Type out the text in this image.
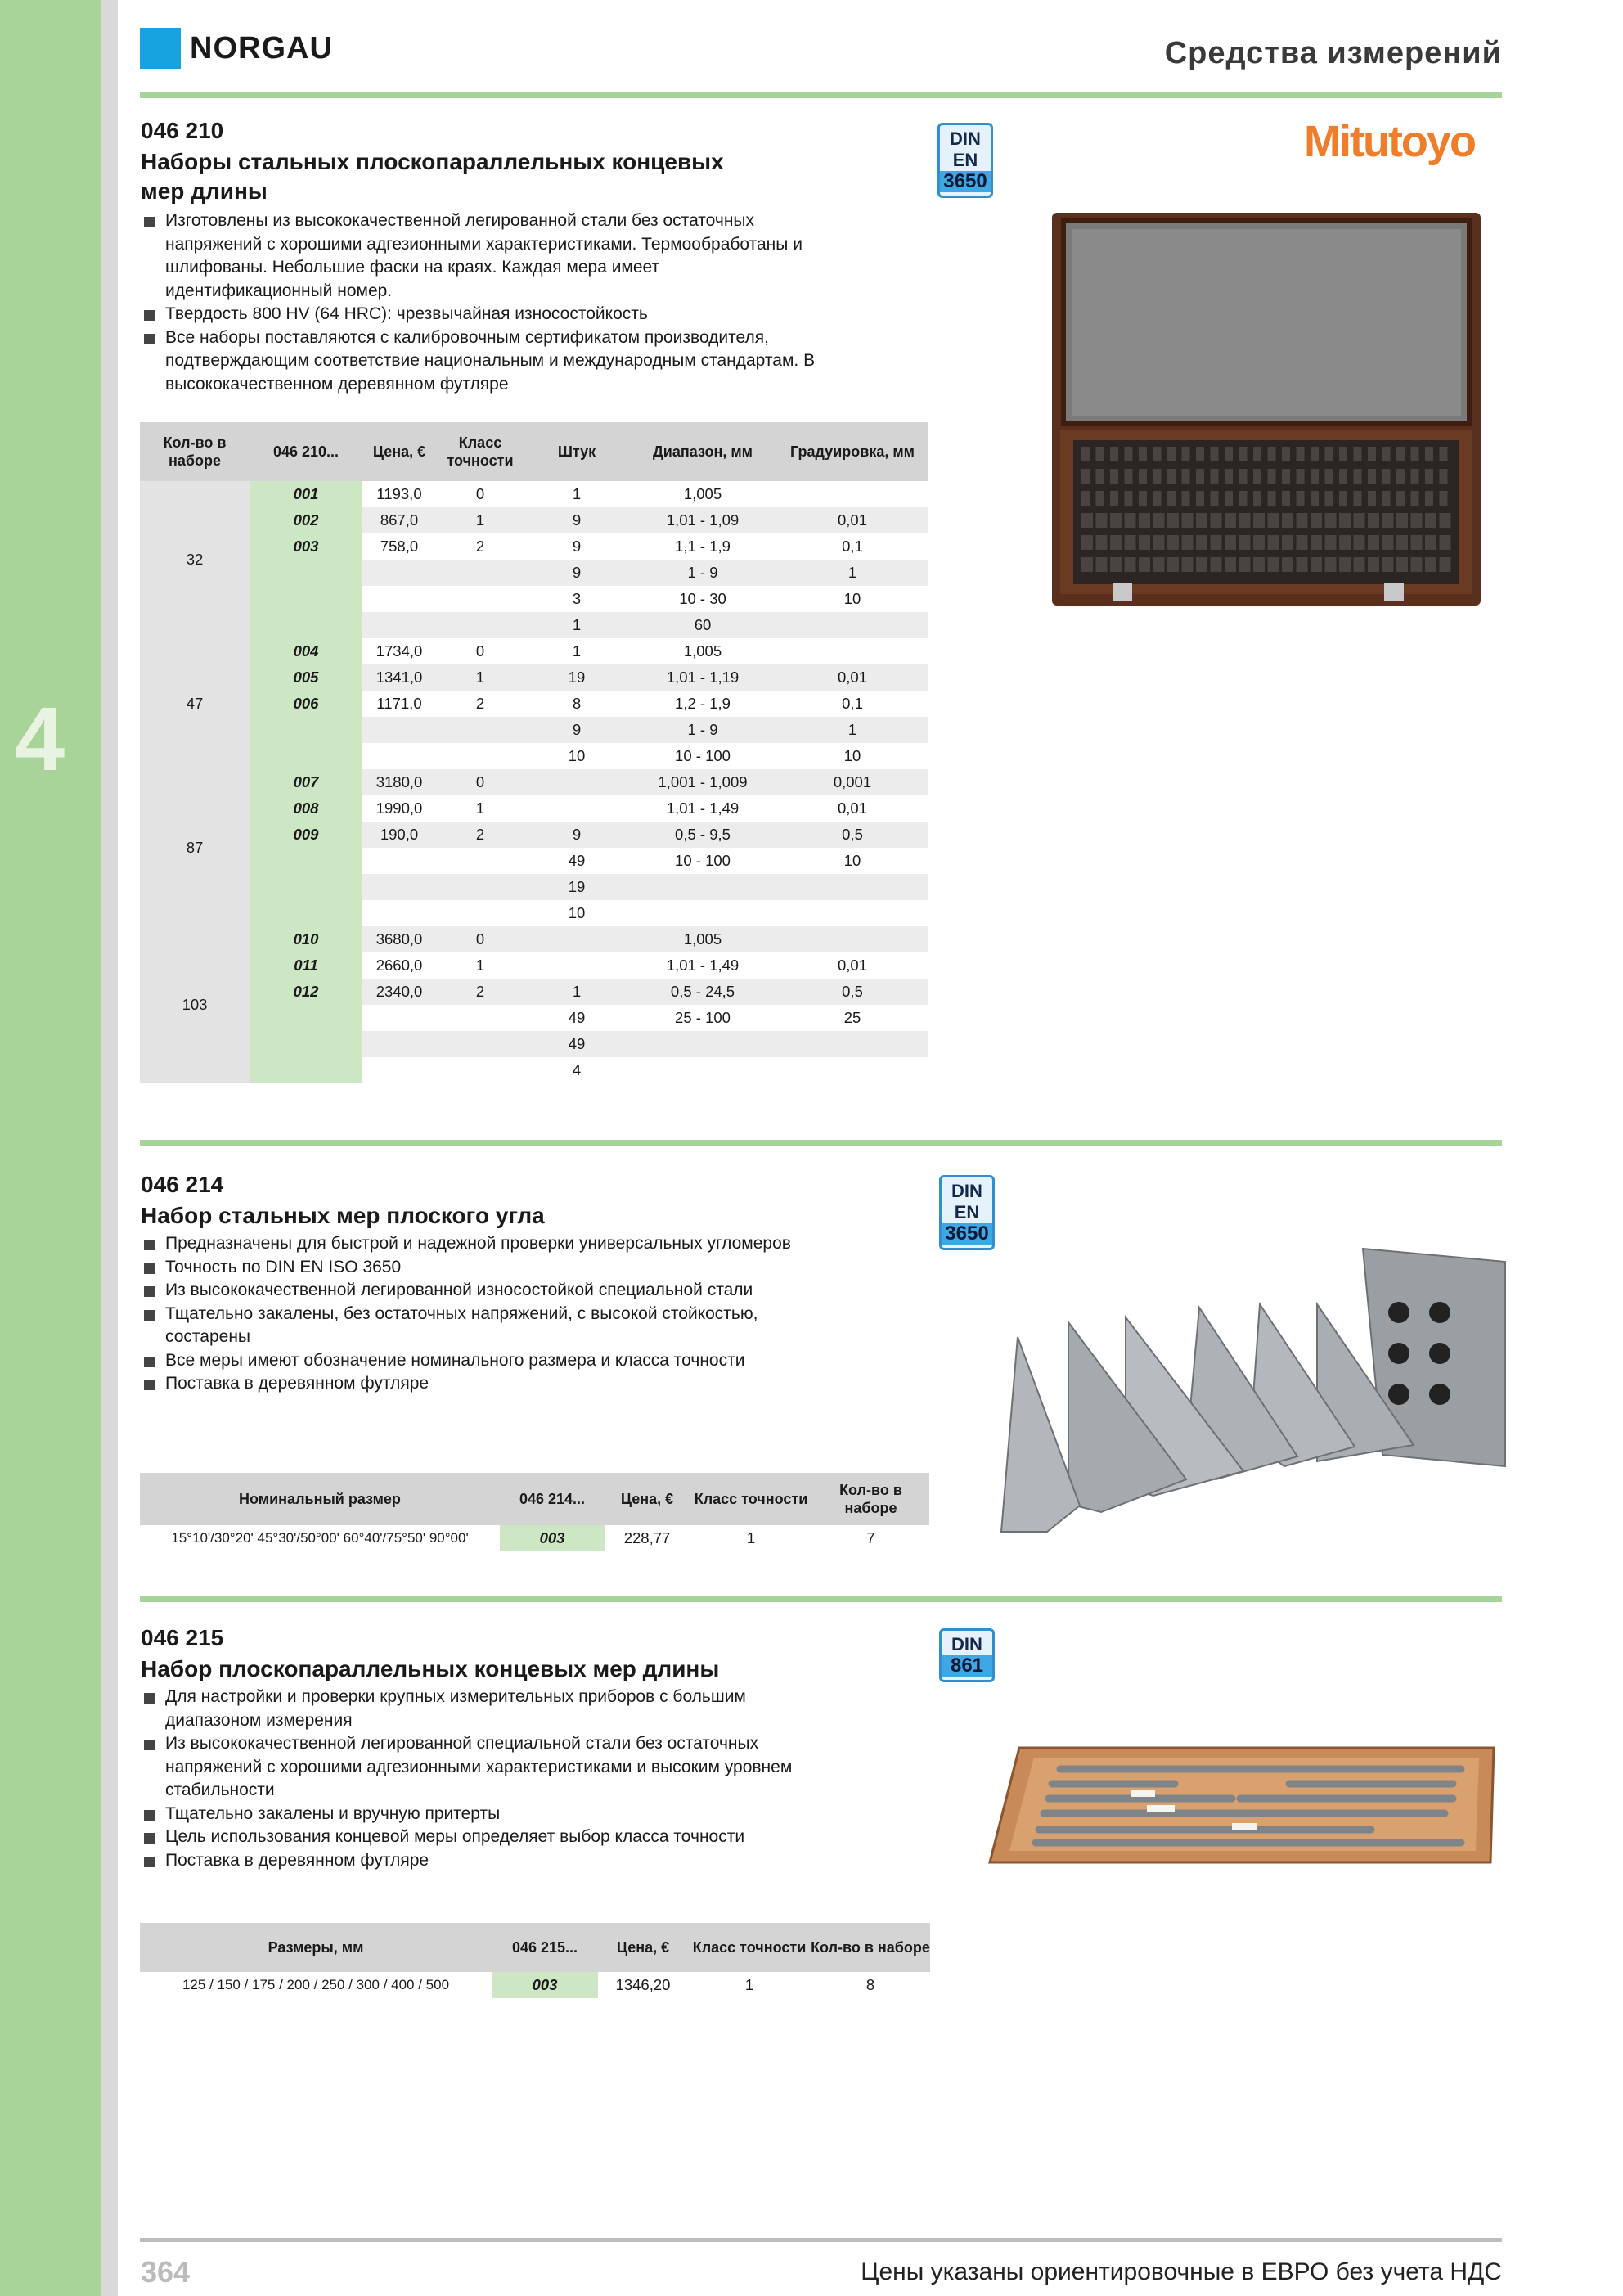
4
NORGAU	Средства измерений
046 210
Наборы стальных плоскопараллельных концевых мер длины
DIN EN
3650
Mitutoyo
Изготовлены из высококачественной легированной стали без остаточных напряжений с хорошими адгезионными характеристиками. Термообработаны и шлифованы. Небольшие фаски на краях. Каждая мера имеет идентификационный номер.
Твердость 800 HV (64 HRC): чрезвычайная износостойкость
Все наборы поставляются с калибровочным сертификатом производителя, подтверждающим соответствие национальным и международным стандартам. В высококачественном деревянном футляре
Кол-во в наборе	046 210...	Цена, €	Класс точности	Штук	Диапазон, мм	Градуировка, мм
32	001	1193,0	0	1	1,005	
	002	867,0	1	9	1,01 - 1,09	0,01
	003	758,0	2	9	1,1 - 1,9	0,1
				9	1 - 9	1
				3	10 - 30	10
				1	60	
47	004	1734,0	0	1	1,005	
	005	1341,0	1	19	1,01 - 1,19	0,01
	006	1171,0	2	8	1,2 - 1,9	0,1
				9	1 - 9	1
				10	10 - 100	10
87	007	3180,0	0		1,001 - 1,009	0,001
	008	1990,0	1		1,01 - 1,49	0,01
	009	190,0	2	9	0,5 - 9,5	0,5
				49	10 - 100	10
				19		
				10		
103	010	3680,0	0		1,005	
	011	2660,0	1		1,01 - 1,49	0,01
	012	2340,0	2	1	0,5 - 24,5	0,5
				49	25 - 100	25
				49		
				4		
046 214
Набор стальных мер плоского угла
DIN EN
3650
Предназначены для быстрой и надежной проверки универсальных угломеров
Точность по DIN EN ISO 3650
Из высококачественной легированной износостойкой специальной стали
Тщательно закалены, без остаточных напряжений, с высокой стойкостью, состарены
Все меры имеют обозначение номинального размера и класса точности
Поставка в деревянном футляре
Номинальный размер	046 214...	Цена, €	Класс точности	Кол-во в наборе
15°10'/30°20' 45°30'/50°00' 60°40'/75°50' 90°00'	003	228,77	1	7
046 215
Набор плоскопараллельных концевых мер длины
DIN
861
Для настройки и проверки крупных измерительных приборов с большим диапазоном измерения
Из высококачественной легированной специальной стали без остаточных напряжений с хорошими адгезионными характеристиками и высоким уровнем стабильности
Тщательно закалены и вручную притерты
Цель использования концевой меры определяет выбор класса точности
Поставка в деревянном футляре
Размеры, мм	046 215...	Цена, €	Класс точности	Кол-во в наборе
125 / 150 / 175 / 200 / 250 / 300 / 400 / 500	003	1346,20	1	8
364	Цены указаны ориентировочные в ЕВРО без учета НДС
